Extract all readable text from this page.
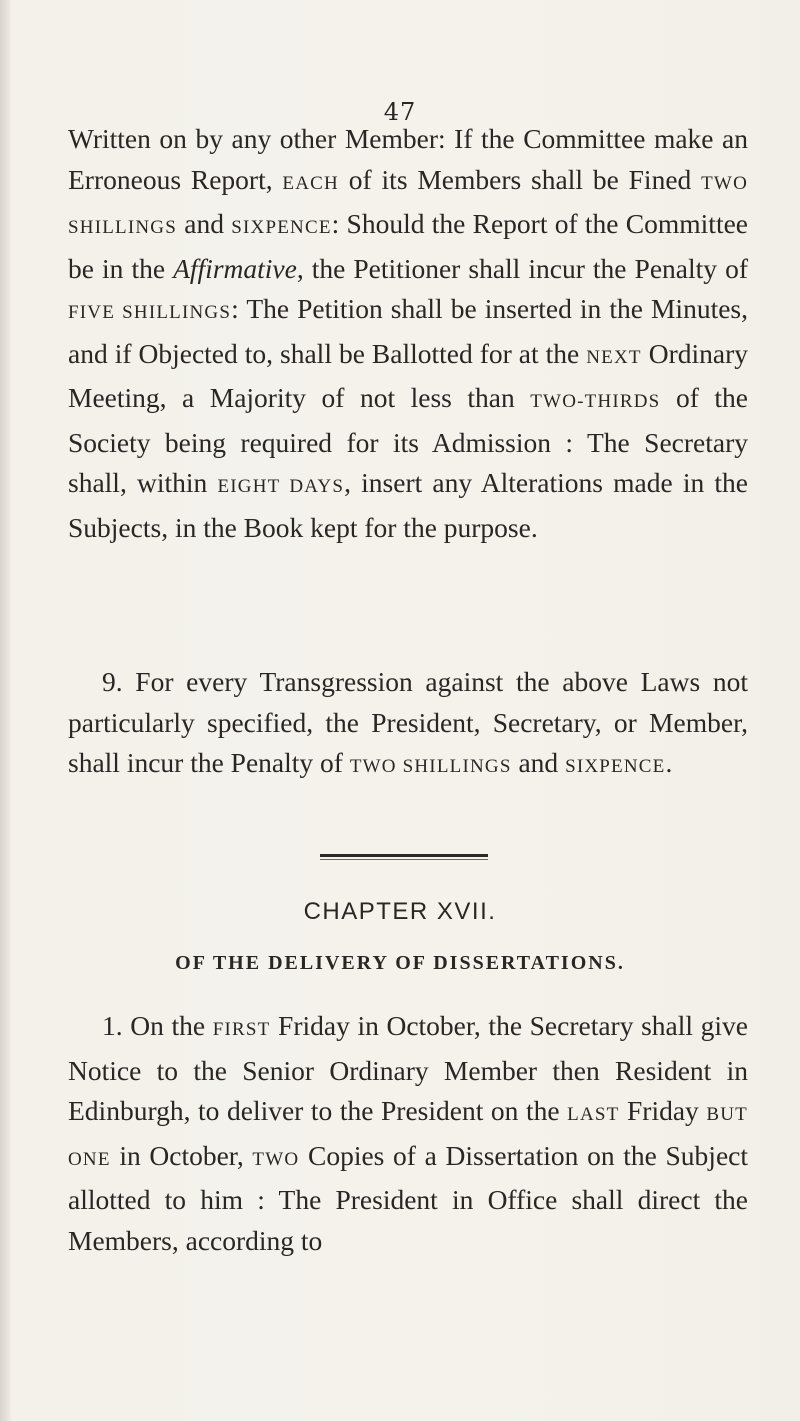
47

Written on by any other Member: If the Committee make an Erroneous Report, EACH of its Members shall be Fined TWO SHILLINGS and SIXPENCE: Should the Report of the Committee be in the Affirmative, the Petitioner shall incur the Penalty of FIVE SHILLINGS: The Petition shall be inserted in the Minutes, and if Objected to, shall be Ballotted for at the NEXT Ordinary Meeting, a Majority of not less than TWO-THIRDS of the Society being required for its Admission : The Secretary shall, within EIGHT DAYS, insert any Alterations made in the Subjects, in the Book kept for the purpose.

9. For every Transgression against the above Laws not particularly specified, the President, Secretary, or Member, shall incur the Penalty of TWO SHILLINGS and SIXPENCE.

CHAPTER XVII.
OF THE DELIVERY OF DISSERTATIONS.

1. On the FIRST Friday in October, the Secretary shall give Notice to the Senior Ordinary Member then Resident in Edinburgh, to deliver to the President on the LAST Friday BUT ONE in October, TWO Copies of a Dissertation on the Subject allotted to him : The President in Office shall direct the Members, according to
